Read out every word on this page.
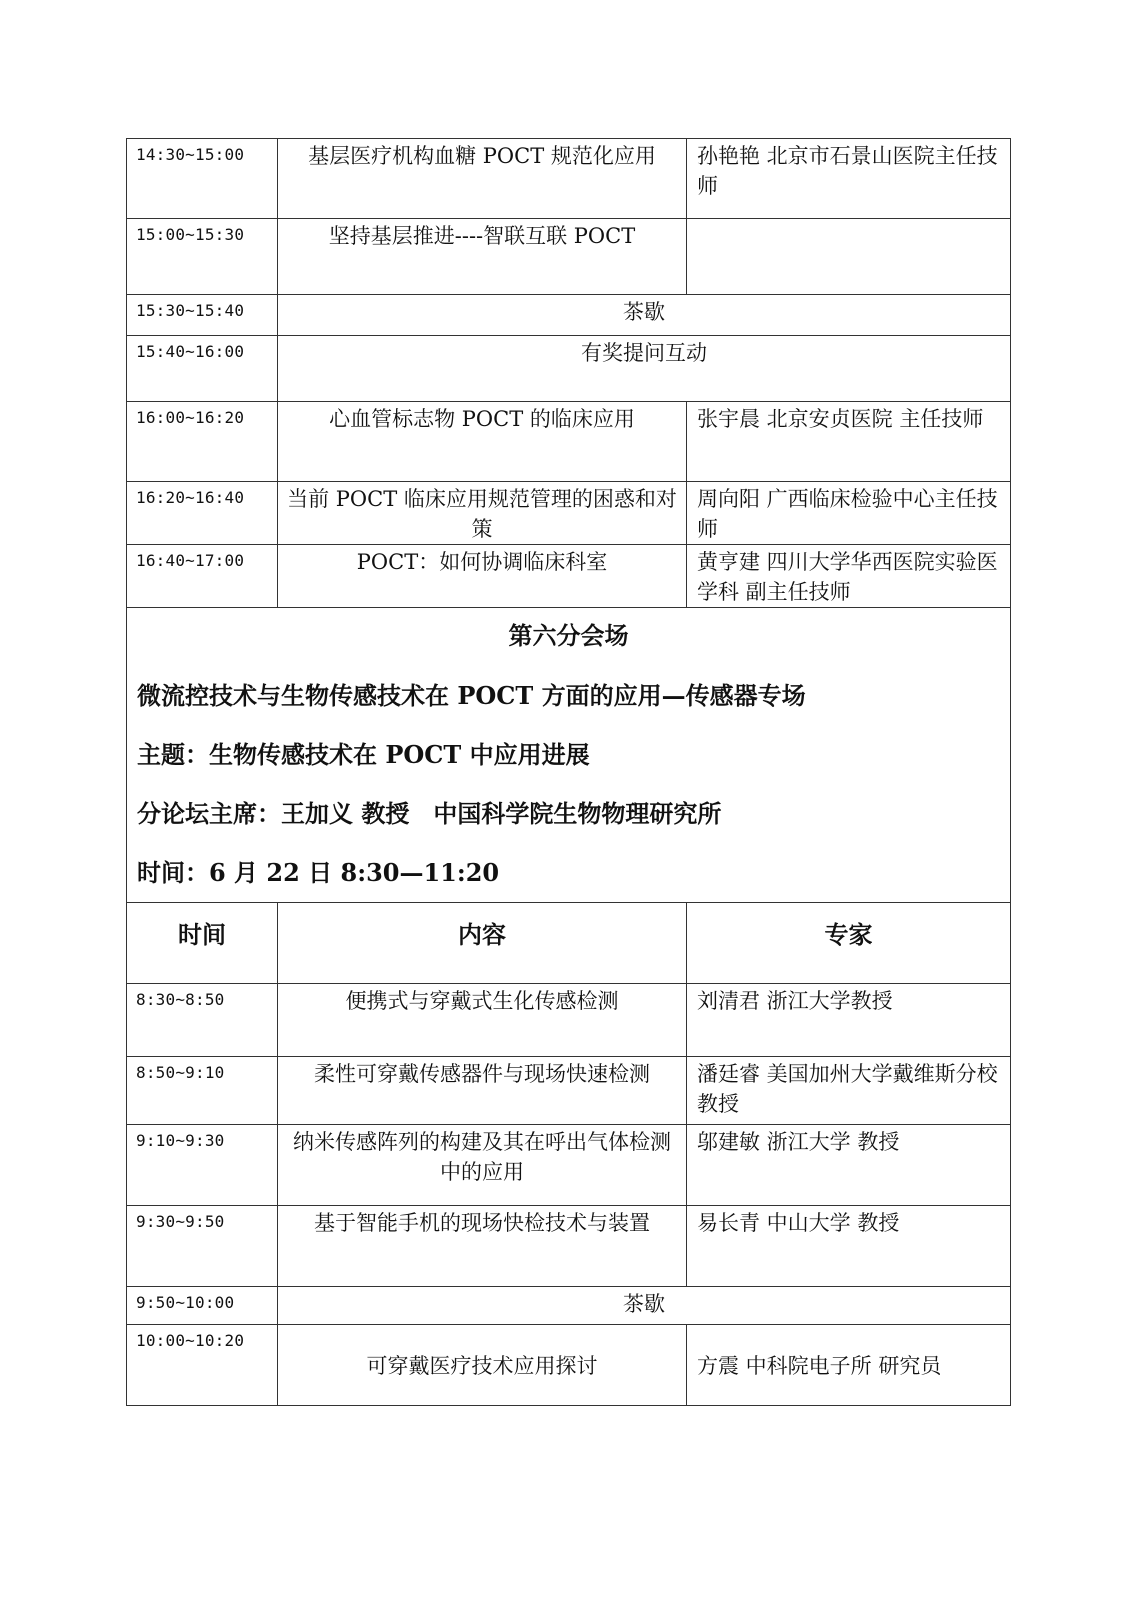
14:30~15:00	基层医疗机构血糖 POCT 规范化应用	孙艳艳 北京市石景山医院主任技师
15:00~15:30	坚持基层推进----智联互联 POCT	
15:30~15:40	茶歇	
15:40~16:00	有奖提问互动	
16:00~16:20	心血管标志物 POCT 的临床应用	张宇晨 北京安贞医院 主任技师
16:20~16:40	当前 POCT 临床应用规范管理的困惑和对策	周向阳 广西临床检验中心主任技师
16:40~17:00	POCT：如何协调临床科室	黄亨建 四川大学华西医院实验医学科 副主任技师

第六分会场
微流控技术与生物传感技术在 POCT 方面的应用—传感器专场
主题：生物传感技术在 POCT 中应用进展
分论坛主席：王加义 教授　中国科学院生物物理研究所
时间：6 月 22 日 8:30—11:20		

时间	内容	专家
8:30~8:50	便携式与穿戴式生化传感检测	刘清君 浙江大学教授
8:50~9:10	柔性可穿戴传感器件与现场快速检测	潘廷睿 美国加州大学戴维斯分校 教授
9:10~9:30	纳米传感阵列的构建及其在呼出气体检测中的应用	邬建敏 浙江大学 教授
9:30~9:50	基于智能手机的现场快检技术与装置	易长青 中山大学 教授
9:50~10:00	茶歇	
10:00~10:20	可穿戴医疗技术应用探讨	方震 中科院电子所 研究员
